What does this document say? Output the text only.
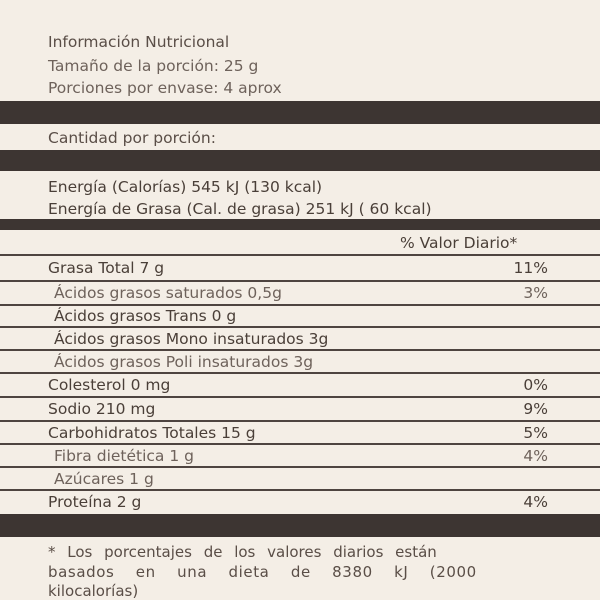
Información Nutricional
Tamaño de la porción: 25 g
Porciones por envase: 4 aprox
Cantidad por porción:
Energía (Calorías) 545 kJ (130 kcal)
Energía de Grasa (Cal. de grasa) 251 kJ ( 60 kcal)
% Valor Diario*
Grasa Total 7 g	11%
Ácidos grasos saturados 0,5g	3%
Ácidos grasos Trans 0 g
Ácidos grasos Mono insaturados 3g
Ácidos grasos Poli insaturados 3g
Colesterol 0 mg	0%
Sodio 210 mg	9%
Carbohidratos Totales 15 g	5%
Fibra dietética 1 g	4%
Azúcares 1 g
Proteína 2 g	4%
* Los porcentajes de los valores diarios están
basados en una dieta de 8380 kJ (2000
kilocalorías)
